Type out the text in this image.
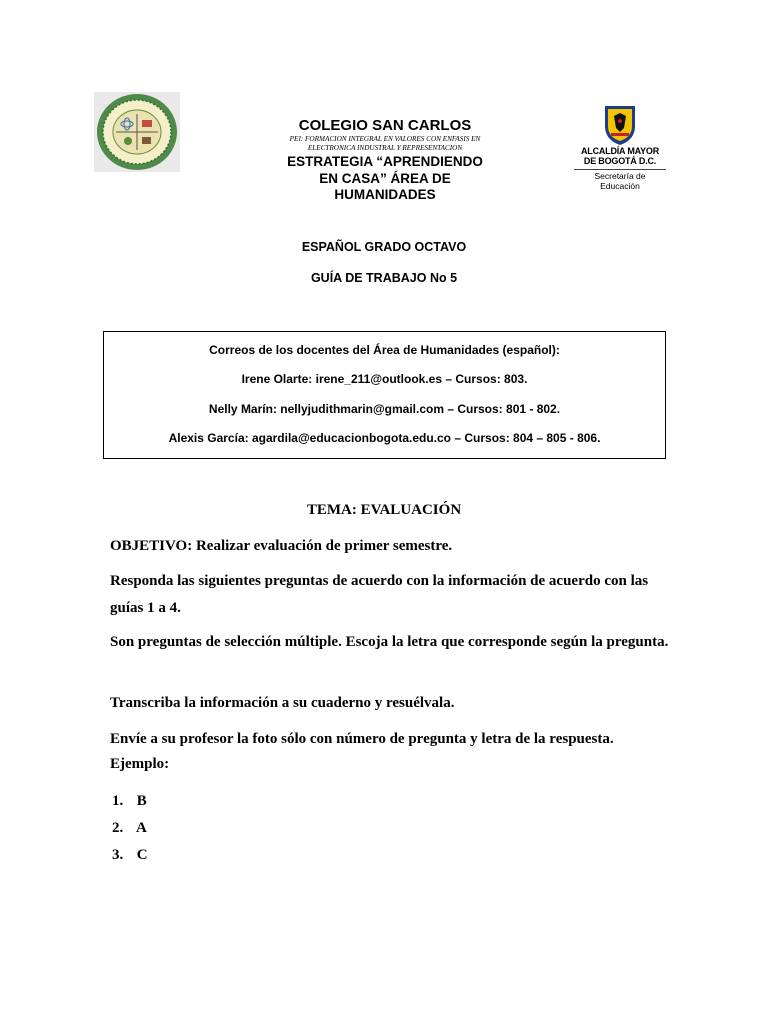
COLEGIO SAN CARLOS
PEI: FORMACION INTEGRAL EN VALORES CON ENFASIS EN
ELECTRONICA INDUSTRAL Y REPRESENTACION
ESTRATEGIA “APRENDIENDO
EN CASA” ÁREA DE
HUMANIDADES
ALCALDÍA MAYOR
DE BOGOTÁ D.C.
Secretaría de Educación
ESPAÑOL GRADO OCTAVO
GUÍA DE TRABAJO No 5
Correos de los docentes del Área de Humanidades (español):
Irene Olarte: irene_211@outlook.es – Cursos: 803.
Nelly Marín: nellyjudithmarin@gmail.com – Cursos: 801 - 802.
Alexis García: agardila@educacionbogota.edu.co – Cursos: 804 – 805 - 806.
TEMA: EVALUACIÓN
OBJETIVO: Realizar evaluación de primer semestre.
Responda las siguientes preguntas de acuerdo con la información de acuerdo con las guías 1 a 4.
Son preguntas de selección múltiple. Escoja la letra que corresponde según la pregunta.
Transcriba la información a su cuaderno y resuélvala.
Envíe a su profesor la foto sólo con número de pregunta y letra de la respuesta.
Ejemplo:
1. B
2. A
3. C
